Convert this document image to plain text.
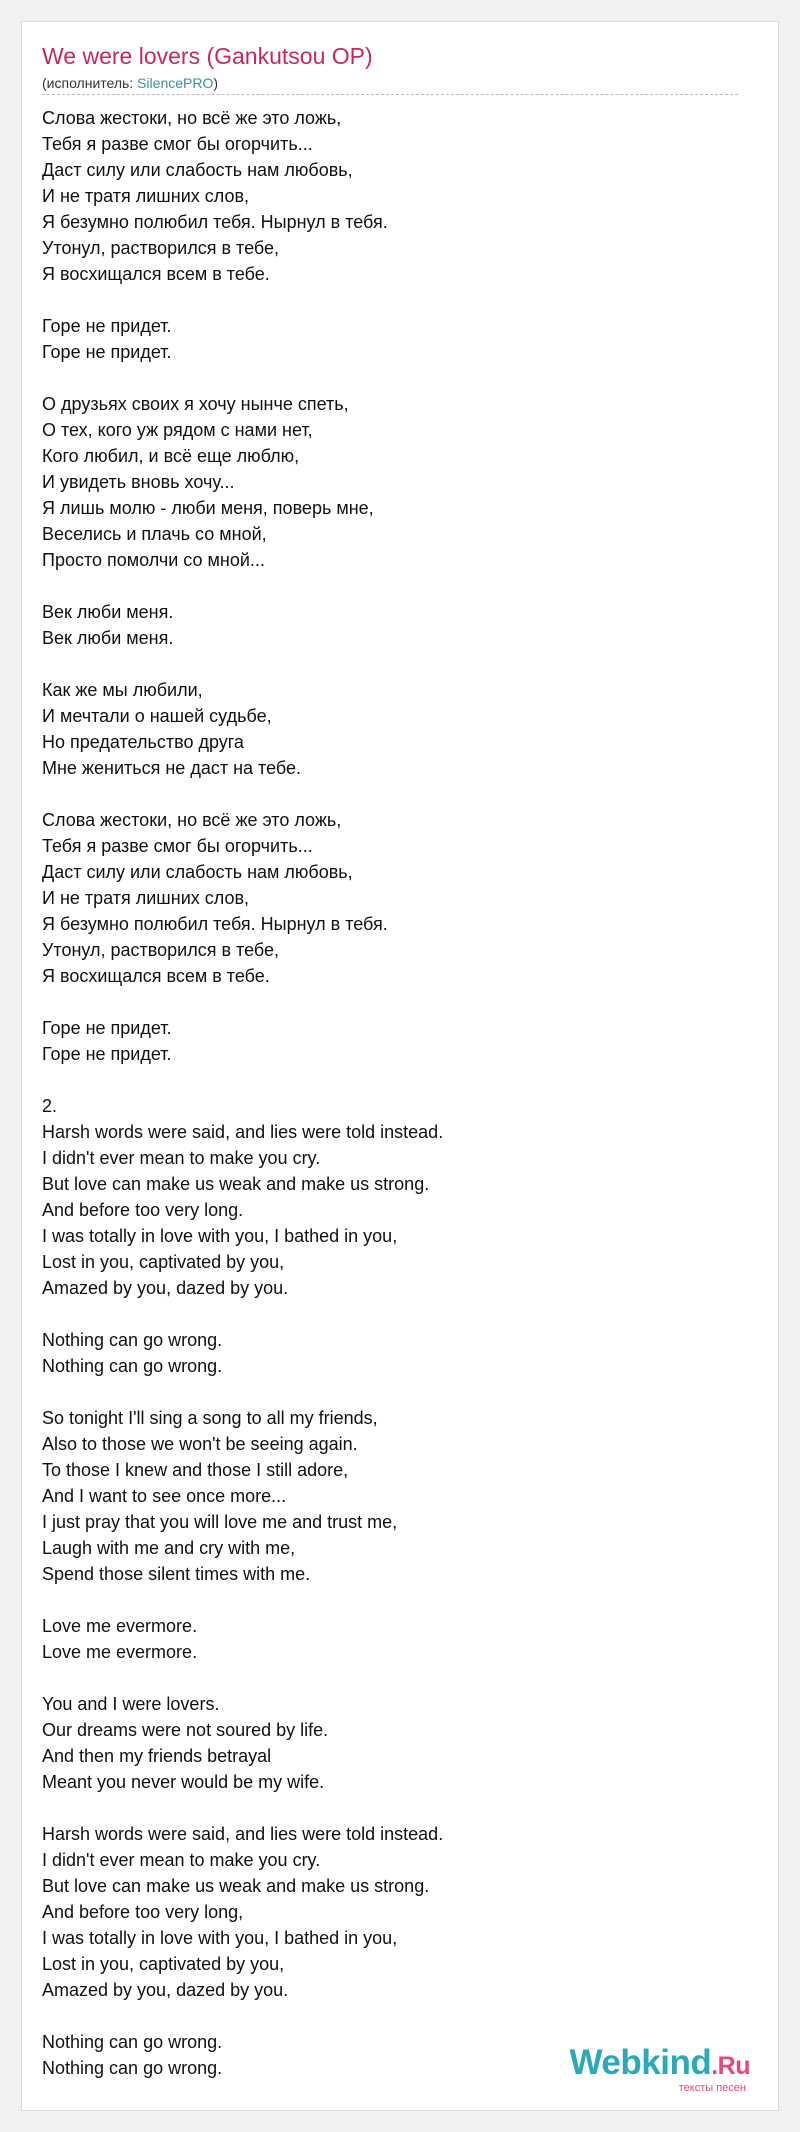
We were lovers (Gankutsou OP)
(исполнитель: SilencePRO)
Слова жестоки, но всё же это ложь,
Тебя я разве смог бы огорчить...
Даст силу или слабость нам любовь,
И не тратя лишних слов,
Я безумно полюбил тебя. Нырнул в тебя.
Утонул, растворился в тебе,
Я восхищался всем в тебе.
Горе не придет.
Горе не придет.
О друзьях своих я хочу нынче спеть,
О тех, кого уж рядом с нами нет,
Кого любил, и всё еще люблю,
И увидеть вновь хочу...
Я лишь молю - люби меня, поверь мне,
Веселись и плачь со мной,
Просто помолчи со мной...
Век люби меня.
Век люби меня.
Как же мы любили,
И мечтали о нашей судьбе,
Но предательство друга
Мне жениться не даст на тебе.
Слова жестоки, но всё же это ложь,
Тебя я разве смог бы огорчить...
Даст силу или слабость нам любовь,
И не тратя лишних слов,
Я безумно полюбил тебя. Нырнул в тебя.
Утонул, растворился в тебе,
Я восхищался всем в тебе.
Горе не придет.
Горе не придет.
2.
Harsh words were said, and lies were told instead.
I didn't ever mean to make you cry.
But love can make us weak and make us strong.
And before too very long.
I was totally in love with you, I bathed in you,
Lost in you, captivated by you,
Amazed by you, dazed by you.
Nothing can go wrong.
Nothing can go wrong.
So tonight I'll sing a song to all my friends,
Also to those we won't be seeing again.
To those I knew and those I still adore,
And I want to see once more...
I just pray that you will love me and trust me,
Laugh with me and cry with me,
Spend those silent times with me.
Love me evermore.
Love me evermore.
You and I were lovers.
Our dreams were not soured by life.
And then my friends betrayal
Meant you never would be my wife.
Harsh words were said, and lies were told instead.
I didn't ever mean to make you cry.
But love can make us weak and make us strong.
And before too very long,
I was totally in love with you, I bathed in you,
Lost in you, captivated by you,
Amazed by you, dazed by you.
Nothing can go wrong.
Nothing can go wrong.	Webkind.Ru
тексты песен
